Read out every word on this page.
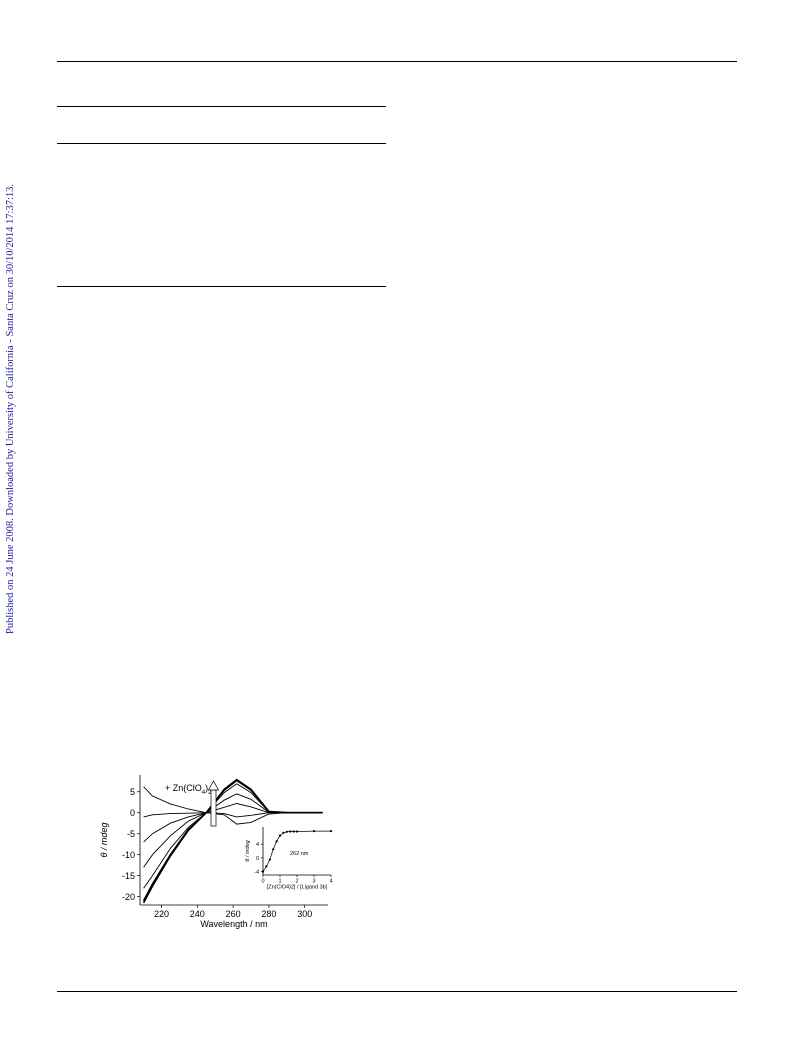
Published on 24 June 2008. Downloaded by University of California - Santa Cruz on 30/10/2014 17:37:13.
220 240 260 280 300
5
0
-5
-10
-15
-20
Wavelength / nm
θ / mdeg
+ $Zn(ClO_4)_2$
0	1	2	3	4
4
0
-4
[Zn(ClO4)2] / [Ligand 3b]
θ / mdeg	262 nm
